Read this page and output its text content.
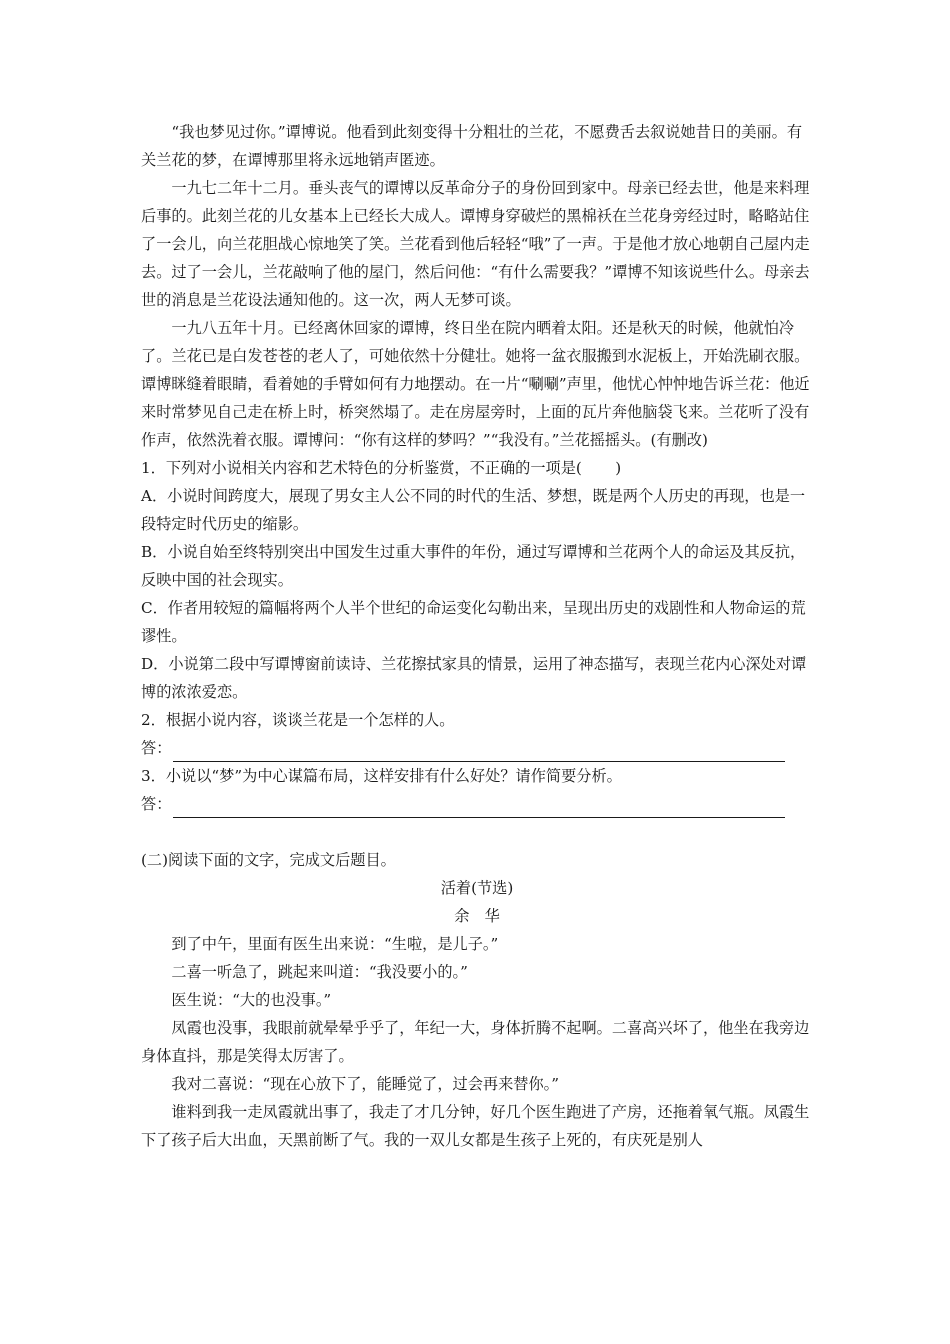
“我也梦见过你。”谭博说。他看到此刻变得十分粗壮的兰花，不愿费舌去叙说她昔日的美丽。有关兰花的梦，在谭博那里将永远地销声匿迹。

一九七二年十二月。垂头丧气的谭博以反革命分子的身份回到家中。母亲已经去世，他是来料理后事的。此刻兰花的儿女基本上已经长大成人。谭博身穿破烂的黑棉袄在兰花身旁经过时，略略站住了一会儿，向兰花胆战心惊地笑了笑。兰花看到他后轻轻“哦”了一声。于是他才放心地朝自己屋内走去。过了一会儿，兰花敲响了他的屋门，然后问他：“有什么需要我？”谭博不知该说些什么。母亲去世的消息是兰花设法通知他的。这一次，两人无梦可谈。

一九八五年十月。已经离休回家的谭博，终日坐在院内晒着太阳。还是秋天的时候，他就怕冷了。兰花已是白发苍苍的老人了，可她依然十分健壮。她将一盆衣服搬到水泥板上，开始洗刷衣服。谭博眯缝着眼睛，看着她的手臂如何有力地摆动。在一片“唰唰”声里，他忧心忡忡地告诉兰花：他近来时常梦见自己走在桥上时，桥突然塌了。走在房屋旁时，上面的瓦片奔他脑袋飞来。兰花听了没有作声，依然洗着衣服。谭博问：“你有这样的梦吗？”“我没有。”兰花摇摇头。(有删改)

1．下列对小说相关内容和艺术特色的分析鉴赏，不正确的一项是( )

A．小说时间跨度大，展现了男女主人公不同的时代的生活、梦想，既是两个人历史的再现，也是一段特定时代历史的缩影。

B．小说自始至终特别突出中国发生过重大事件的年份，通过写谭博和兰花两个人的命运及其反抗，反映中国的社会现实。

C．作者用较短的篇幅将两个人半个世纪的命运变化勾勒出来，呈现出历史的戏剧性和人物命运的荒谬性。

D．小说第二段中写谭博窗前读诗、兰花擦拭家具的情景，运用了神态描写，表现兰花内心深处对谭博的浓浓爱恋。

2．根据小说内容，谈谈兰花是一个怎样的人。

答：

3．小说以“梦”为中心谋篇布局，这样安排有什么好处？请作简要分析。

答：

(二)阅读下面的文字，完成文后题目。

活着(节选)

余　华

到了中午，里面有医生出来说：“生啦，是儿子。”

二喜一听急了，跳起来叫道：“我没要小的。”

医生说：“大的也没事。”

凤霞也没事，我眼前就晕晕乎乎了，年纪一大，身体折腾不起啊。二喜高兴坏了，他坐在我旁边身体直抖，那是笑得太厉害了。

我对二喜说：“现在心放下了，能睡觉了，过会再来替你。”

谁料到我一走凤霞就出事了，我走了才几分钟，好几个医生跑进了产房，还拖着氧气瓶。凤霞生下了孩子后大出血，天黑前断了气。我的一双儿女都是生孩子上死的，有庆死是别人
